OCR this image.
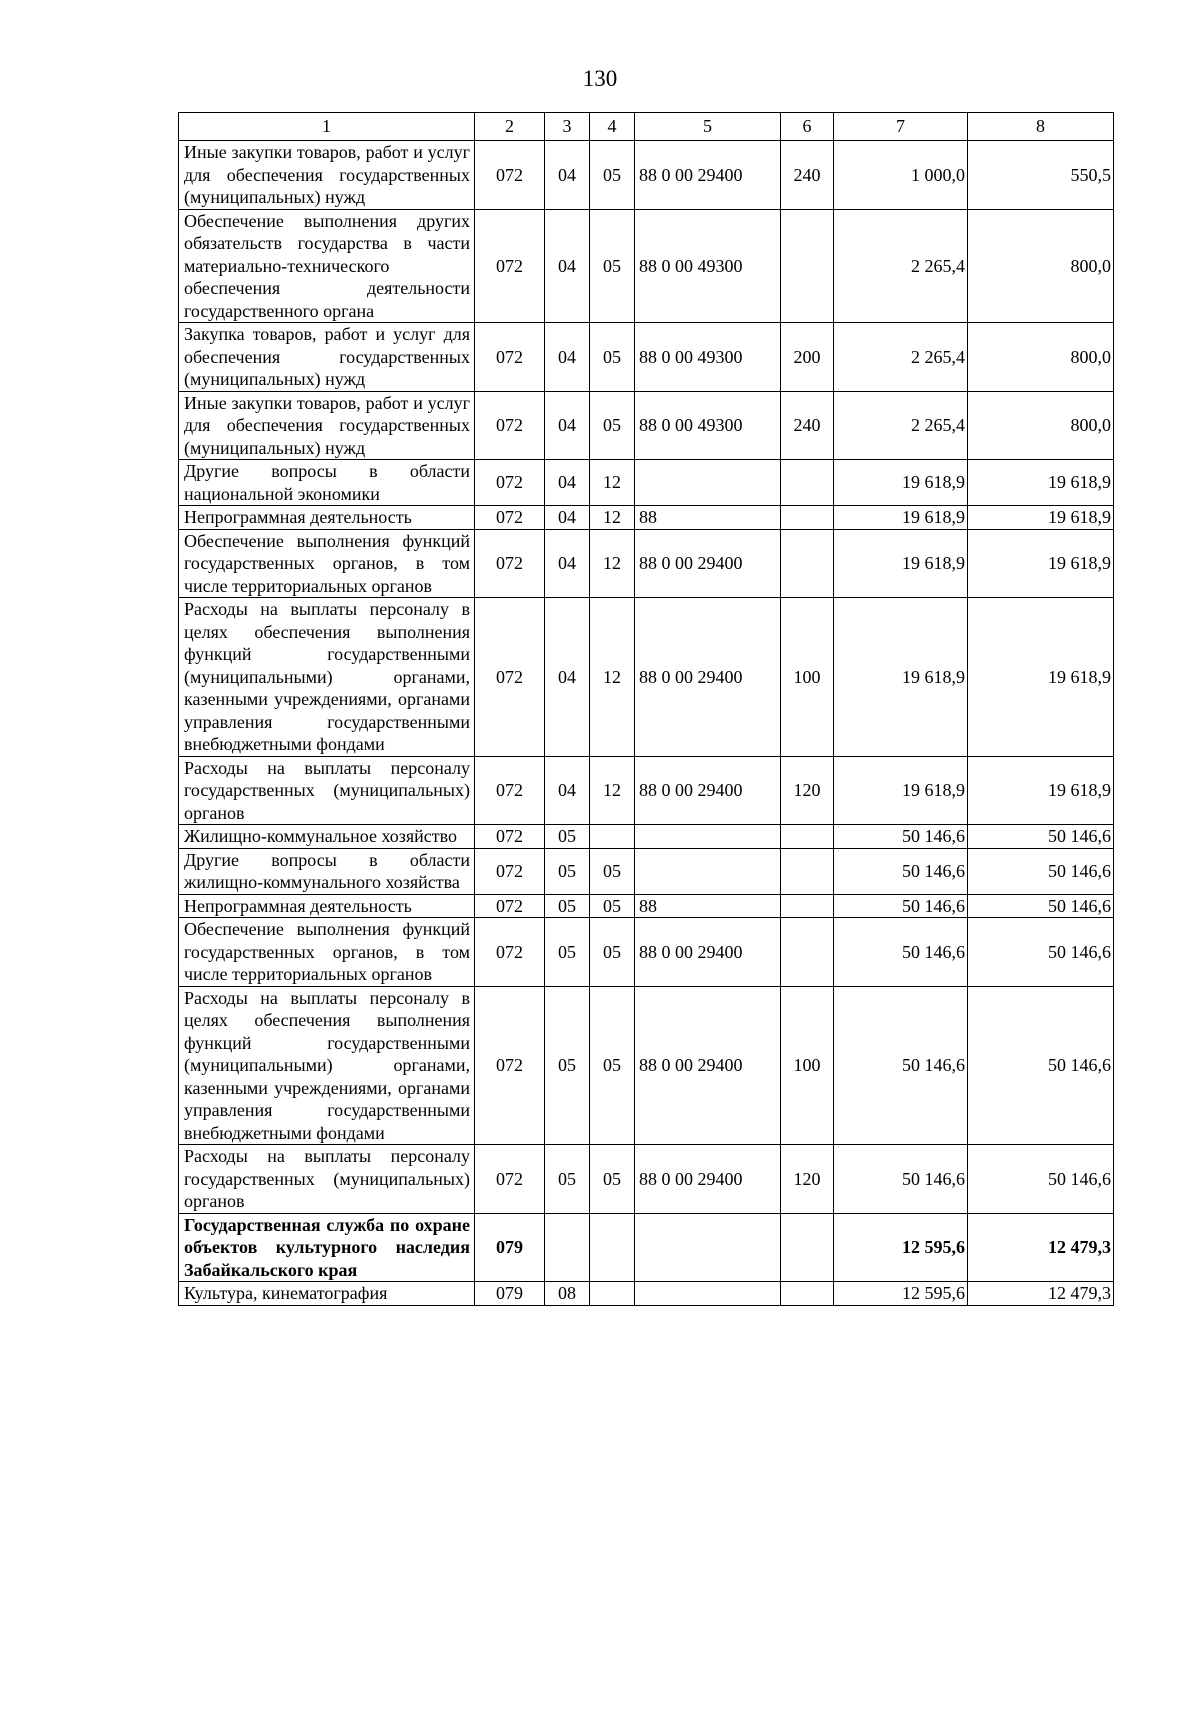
130
1	2	3	4	5	6	7	8
Иные закупки товаров, работ и услуг для обеспечения государственных (муниципальных) нужд	072	04	05	88 0 00 29400	240	1 000,0	550,5
Обеспечение выполнения других обязательств государства в части материально-технического обеспечения деятельности государственного органа	072	04	05	88 0 00 49300		2 265,4	800,0
Закупка товаров, работ и услуг для обеспечения государственных (муниципальных) нужд	072	04	05	88 0 00 49300	200	2 265,4	800,0
Иные закупки товаров, работ и услуг для обеспечения государственных (муниципальных) нужд	072	04	05	88 0 00 49300	240	2 265,4	800,0
Другие вопросы в области национальной экономики	072	04	12			19 618,9	19 618,9
Непрограммная деятельность	072	04	12	88		19 618,9	19 618,9
Обеспечение выполнения функций государственных органов, в том числе территориальных органов	072	04	12	88 0 00 29400		19 618,9	19 618,9
Расходы на выплаты персоналу в целях обеспечения выполнения функций государственными (муниципальными) органами, казенными учреждениями, органами управления государственными внебюджетными фондами	072	04	12	88 0 00 29400	100	19 618,9	19 618,9
Расходы на выплаты персоналу государственных (муниципальных) органов	072	04	12	88 0 00 29400	120	19 618,9	19 618,9
Жилищно-коммунальное хозяйство	072	05				50 146,6	50 146,6
Другие вопросы в области жилищно-коммунального хозяйства	072	05	05			50 146,6	50 146,6
Непрограммная деятельность	072	05	05	88		50 146,6	50 146,6
Обеспечение выполнения функций государственных органов, в том числе территориальных органов	072	05	05	88 0 00 29400		50 146,6	50 146,6
Расходы на выплаты персоналу в целях обеспечения выполнения функций государственными (муниципальными) органами, казенными учреждениями, органами управления государственными внебюджетными фондами	072	05	05	88 0 00 29400	100	50 146,6	50 146,6
Расходы на выплаты персоналу государственных (муниципальных) органов	072	05	05	88 0 00 29400	120	50 146,6	50 146,6
Государственная служба по охране объектов культурного наследия Забайкальского края	079					12 595,6	12 479,3
Культура, кинематография	079	08				12 595,6	12 479,3
